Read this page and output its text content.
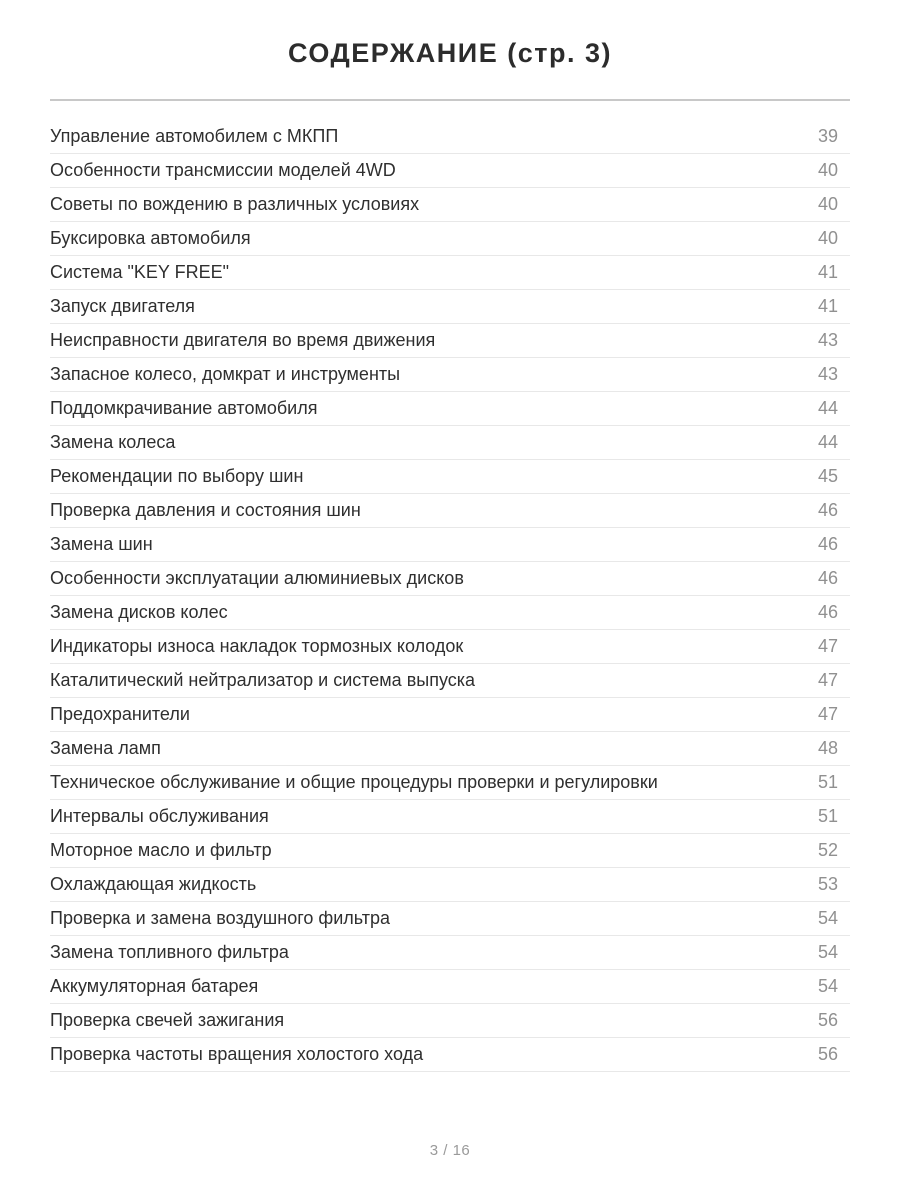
СОДЕРЖАНИЕ (стр. 3)
Управление автомобилем с МКПП	39
Особенности трансмиссии моделей 4WD	40
Советы по вождению в различных условиях	40
Буксировка автомобиля	40
Система "KEY FREE"	41
Запуск двигателя	41
Неисправности двигателя во время движения	43
Запасное колесо, домкрат и инструменты	43
Поддомкрачивание автомобиля	44
Замена колеса	44
Рекомендации по выбору шин	45
Проверка давления и состояния шин	46
Замена шин	46
Особенности эксплуатации алюминиевых дисков	46
Замена дисков колес	46
Индикаторы износа накладок тормозных колодок	47
Каталитический нейтрализатор и система выпуска	47
Предохранители	47
Замена ламп	48
Техническое обслуживание и общие процедуры проверки и регулировки	51
Интервалы обслуживания	51
Моторное масло и фильтр	52
Охлаждающая жидкость	53
Проверка и замена воздушного фильтра	54
Замена топливного фильтра	54
Аккумуляторная батарея	54
Проверка свечей зажигания	56
Проверка частоты вращения холостого хода	56
3 / 16
